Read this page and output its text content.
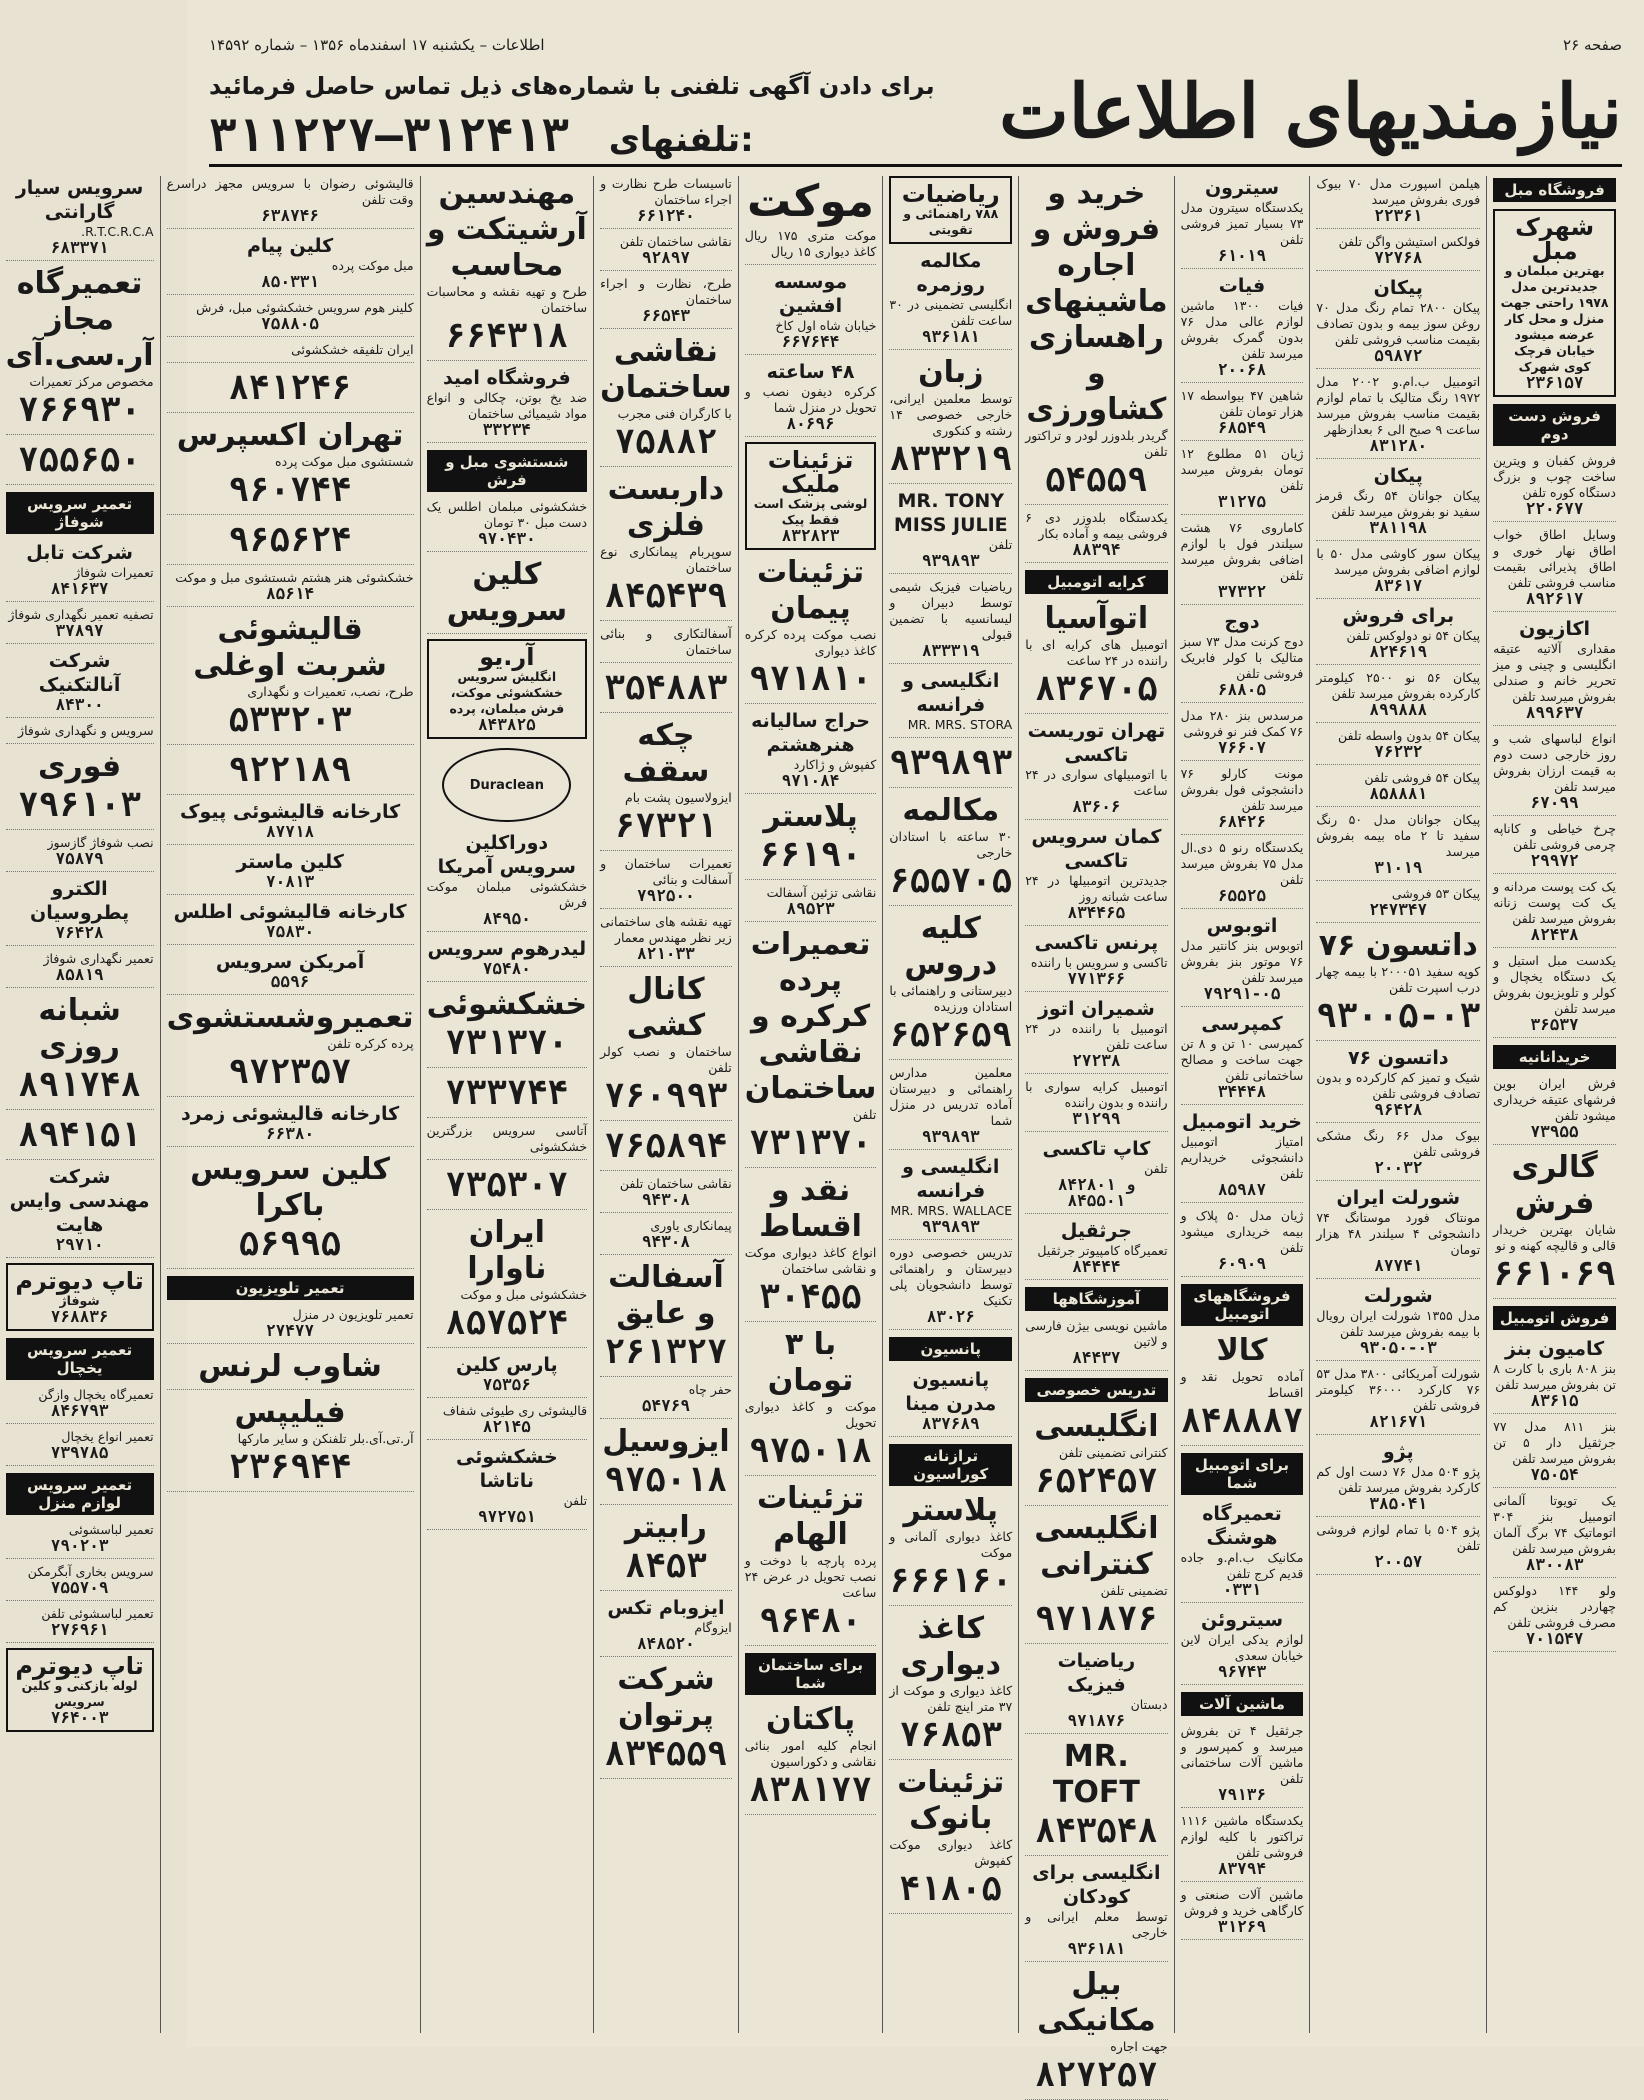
صفحه ۲۶
اطلاعات – یکشنبه ۱۷ اسفندماه ۱۳۵۶ – شماره ۱۴۵۹۲
نیازمندیهای اطلاعات
برای دادن آگهی تلفنی با شماره‌های ذیل تماس حاصل فرمائید
۳۱۱۲۲۷–۳۱۲۴۱۳ تلفنهای:
فروشگاه مبل
شهرک مبل
بهترین مبلمان و جدیدترین مدل ۱۹۷۸ راحتی جهت منزل و محل کار عرضه میشود خیابان قرچک کوی شهرک
۲۳۶۱۵۷
فروش دست دوم
فروش کفبان و ویترین ساخت چوب و بزرگ دستگاه کوره تلفن
۲۲۰۶۷۷
وسایل اطاق خواب اطاق نهار خوری و اطاق پذیرائی بقیمت مناسب فروشی تلفن
۸۹۲۶۱۷
اکازیون
مقداری آلاتیه عتیقه انگلیسی و چینی و میز تحریر خانم و صندلی بفروش میرسد تلفن
۸۹۹۶۳۷
انواع لباسهای شب و روز خارجی دست دوم به قیمت ارزان بفروش میرسد تلفن
۶۷۰۹۹
چرخ خیاطی و کاناپه چرمی فروشی تلفن
۲۹۹۷۲
یک کت پوست مردانه و یک کت پوست زنانه بفروش میرسد تلفن
۸۲۴۳۸
یکدست مبل استیل و یک دستگاه یخچال و کولر و تلویزیون بفروش میرسد تلفن
۳۶۵۳۷
خریدانانیه
فرش ایران بوین فرشهای عتیقه خریداری میشود تلفن
۷۳۹۵۵
گالری فرش
شایان بهترین خریدار قالی و قالیچه کهنه و نو
۶۶۱۰۶۹
فروش اتومبیل
کامیون بنز
بنز ۸۰۸ باری با کارت ۸ تن بفروش میرسد تلفن
۸۳۶۱۵
بنز ۸۱۱ مدل ۷۷ جرثقیل دار ۵ تن بفروش میرسد تلفن
۷۵۰۵۴
یک تویوتا آلمانی اتومبیل بنز ۳۰۴ اتوماتیک ۷۴ برگ آلمان بفروش میرسد تلفن
۸۳۰۰۸۳
ولو ۱۴۴ دولوکس چهاردر بنزین کم مصرف فروشی تلفن
۷۰۱۵۴۷
هیلمن اسپورت مدل ۷۰ بیوک فوری بفروش میرسد
۲۲۳۶۱
فولکس استیشن واگن تلفن
۷۲۷۶۸
پیکان
پیکان ۲۸۰۰ تمام رنگ مدل ۷۰ روغن سوز بیمه و بدون تصادف بقیمت مناسب فروشی تلفن
۵۹۸۷۲
اتومبیل ب.ام.و ۲۰۰۲ مدل ۱۹۷۲ رنگ متالیک با تمام لوازم بقیمت مناسب بفروش میرسد ساعت ۹ صبح الی ۶ بعدازظهر
۸۳۱۲۸۰
پیکان
پیکان جوانان ۵۴ رنگ قرمز سفید نو بفروش میرسد تلفن
۳۸۱۱۹۸
پیکان سور کاوشی مدل ۵۰ با لوازم اضافی بفروش میرسد
۸۳۶۱۷
برای فروش
پیکان ۵۴ نو دولوکس تلفن
۸۲۴۶۱۹
پیکان ۵۶ نو ۲۵۰۰ کیلومتر کارکرده بفروش میرسد تلفن
۸۹۹۸۸۸
پیکان ۵۴ بدون واسطه تلفن
۷۶۲۳۲
پیکان ۵۴ فروشی تلفن
۸۵۸۸۸۱
پیکان جوانان مدل ۵۰ رنگ سفید تا ۲ ماه بیمه بفروش میرسد
۳۱۰۱۹
پیکان ۵۳ فروشی
۲۴۷۳۴۷
داتسون ۷۶
کوپه سفید ۲۰۰۰۵۱ با بیمه چهار درب اسپرت تلفن
۹۳۰۰۵-۰۳
داتسون ۷۶
شیک و تمیز کم کارکرده و بدون تصادف فروشی تلفن
۹۶۴۲۸
بیوک مدل ۶۶ رنگ مشکی فروشی تلفن
۲۰۰۳۲
شورلت ایران
مونتاک فورد موستانگ ۷۴ دانشجوئی ۴ سیلندر ۴۸ هزار تومان
۸۷۷۴۱
شورلت
مدل ۱۳۵۵ شورلت ایران رویال با بیمه بفروش میرسد تلفن
۹۳۰۵۰-۰۳
شورلت آمریکائی ۳۸۰۰ مدل ۵۳ ۷۶ کارکرد ۳۶۰۰۰ کیلومتر فروشی تلفن
۸۲۱۶۷۱
پژو
پژو ۵۰۴ مدل ۷۶ دست اول کم کارکرد بفروش میرسد تلفن
۳۸۵۰۴۱
پژو ۵۰۴ با تمام لوازم فروشی تلفن
۲۰۰۵۷
سیترون
یکدستگاه سیترون مدل ۷۳ بسیار تمیز فروشی تلفن
۶۱۰۱۹
فیات
فیات ۱۳۰۰ ماشین لوازم عالی مدل ۷۶ بدون گمرک بفروش میرسد تلفن
۲۰۰۶۸
شاهین ۴۷ بیواسطه ۱۷ هزار تومان تلفن
۶۸۵۴۹
ژیان ۵۱ مطلوع ۱۲ تومان بفروش میرسد تلفن
۳۱۲۷۵
کاماروی ۷۶ هشت سیلندر فول با لوازم اضافی بفروش میرسد تلفن
۳۷۳۲۲
دوج
دوج کرنت مدل ۷۳ سبز متالیک با کولر فابریک فروشی تلفن
۶۸۸۰۵
مرسدس بنز ۲۸۰ مدل ۷۶ کمک فنر نو فروشی
۷۶۶۰۷
مونت کارلو ۷۶ دانشجوئی فول بفروش میرسد تلفن
۶۸۴۲۶
یکدستگاه رنو ۵ دی.ال مدل ۷۵ بفروش میرسد تلفن
۶۵۵۲۵
اتوبوس
اتوبوس بنز کانتیر مدل ۷۶ موتور بنز بفروش میرسد تلفن
۷۹۲۹۱-۰۵
کمپرسی
کمپرسی ۱۰ تن و ۸ تن جهت ساخت و مصالح ساختمانی تلفن
۳۴۴۴۸
خرید اتومبیل
امتیاز اتومبیل دانشجوئی خریداریم تلفن
۸۵۹۸۷
ژیان مدل ۵۰ پلاک و بیمه خریداری میشود تلفن
۶۰۹۰۹
فروشگاههای اتومبیل
کالا
آماده تحویل نقد و اقساط
۸۴۸۸۸۷
برای اتومبیل شما
تعمیرگاه هوشنگ
مکانیک ب.ام.و جاده قدیم کرج تلفن
۰۳۳۱
سیتروئن
لوازم یدکی ایران لاین خیابان سعدی
۹۶۷۴۳
ماشین آلات
جرثقیل ۴ تن بفروش میرسد و کمپرسور و ماشین آلات ساختمانی تلفن
۷۹۱۳۶
یکدستگاه ماشین ۱۱۱۶ تراکتور با کلیه لوازم فروشی تلفن
۸۳۷۹۴
ماشین آلات صنعتی و کارگاهی خرید و فروش
۳۱۲۶۹
خرید و فروش و اجاره ماشینهای راهسازی و کشاورزی
گریدر بلدوزر لودر و تراکتور تلفن
۵۴۵۵۹
یکدستگاه بلدوزر دی ۶ فروشی بیمه و آماده بکار
۸۸۳۹۴
کرایه اتومبیل
اتوآسیا
اتومبیل های کرایه ای با راننده در ۲۴ ساعت
۸۳۶۷۰۵
تهران توریست تاکسی
با اتومبیلهای سواری در ۲۴ ساعت
۸۳۶۰۶
کمان سرویس تاکسی
جدیدترین اتومبیلها در ۲۴ ساعت شبانه روز
۸۳۴۴۶۵
پرنس تاکسی
تاکسی و سرویس با راننده
۷۷۱۳۶۶
شمیران اتوز
اتومبیل با راننده در ۲۴ ساعت تلفن
۲۷۲۳۸
اتومبیل کرایه سواری با راننده و بدون راننده
۳۱۲۹۹
کاپ تاکسی
تلفن
۸۴۲۸۰۱ و ۸۴۵۵۰۱
جرثقیل
تعمیرگاه کامپیوتر جرثقیل
۸۴۴۴۴
آموزشگاهها
ماشین نویسی بیژن فارسی و لاتین
۸۴۴۳۷
تدریس خصوصی
انگلیسی
کنترانی تضمینی تلفن
۶۵۲۴۵۷
انگلیسی کنترانی
تضمینی تلفن
۹۷۱۸۷۶
ریاضیات فیزیک
دبستان
۹۷۱۸۷۶
MR. TOFT
۸۴۳۵۴۸
انگلیسی برای کودکان
توسط معلم ایرانی و خارجی
۹۳۶۱۸۱
بیل مکانیکی
جهت اجاره
۸۲۷۲۵۷
ریاضیات
۷۸۸ راهنمائی و تقویتی
مکالمه روزمره
انگلیسی تضمینی در ۳۰ ساعت تلفن
۹۳۶۱۸۱
زبان
توسط معلمین ایرانی، خارجی خصوصی ۱۴ رشته و کنکوری
۸۳۳۲۱۹
MR. TONY MISS JULIE
تلفن
۹۳۹۸۹۳
ریاضیات فیزیک شیمی توسط دبیران و لیسانسیه با تضمین قبولی
۸۳۳۳۱۹
انگلیسی و فرانسه
MR. MRS. STORA
۹۳۹۸۹۳
مکالمه
۳۰ ساعته با استادان خارجی
۶۵۵۷۰۵
کلیه دروس
دبیرستانی و راهنمائی با استادان ورزیده
۶۵۲۶۵۹
معلمین مدارس راهنمائی و دبیرستان آماده تدریس در منزل شما
۹۳۹۸۹۳
انگلیسی و فرانسه
MR. MRS. WALLACE
۹۳۹۸۹۳
تدریس خصوصی دوره دبیرستان و راهنمائی توسط دانشجویان پلی تکنیک
۸۳۰۲۶
پانسیون
پانسیون مدرن مینا
۸۳۷۶۸۹
ترازنانه کوراسیون
پلاستر
کاغذ دیواری آلمانی و موکت
۶۶۶۱۶۰
کاغذ دیواری
کاغذ دیواری و موکت از ۳۷ متر اینچ تلفن
۷۶۸۵۳
تزئینات بانوک
کاغذ دیواری موکت کفپوش
۴۱۸۰۵
موکت
موکت متری ۱۷۵ ریال کاغذ دیواری ۱۵ ریال
موسسه افشین
خیابان شاه اول کاخ
۶۶۷۶۴۴
۴۸ ساعته
کرکره دیفون نصب و تحویل در منزل شما
۸۰۶۹۶
تزئینات ملیک
لوشی پزشک است فقط پیک
۸۳۲۸۲۳
تزئینات پیمان
نصب موکت پرده کرکره کاغذ دیواری
۹۷۱۸۱۰
حراج سالیانه هنرهشتم
کفپوش و ژاکارد
۹۷۱۰۸۴
پلاستر
۶۶۱۹۰
نقاشی تزئین آسفالت
۸۹۵۲۳
تعمیرات پرده کرکره و نقاشی ساختمان
تلفن
۷۳۱۳۷۰
نقد و اقساط
انواع کاغذ دیواری موکت و نقاشی ساختمان
۳۰۴۵۵
با ۳ تومان
موکت و کاغذ دیواری تحویل
۹۷۵۰۱۸
تزئینات الهام
پرده پارچه با دوخت و نصب تحویل در عرض ۲۴ ساعت
۹۶۴۸۰
برای ساختمان شما
پاکتان
انجام کلیه امور بنائی نقاشی و دکوراسیون
۸۳۸۱۷۷
تاسیسات طرح نظارت و اجراء ساختمان
۶۶۱۲۴۰
نقاشی ساختمان تلفن
۹۲۸۹۷
طرح، نظارت و اجراء ساختمان
۶۶۵۴۳
نقاشی ساختمان
با کارگران فنی مجرب
۷۵۸۸۲
داربست فلزی
سوپربام پیمانکاری نوع ساختمان
۸۴۵۴۳۹
آسفالتکاری و بنائی ساختمان
۳۵۴۸۸۳
چکه سقف
ایزولاسیون پشت بام
۶۷۳۲۱
تعمیرات ساختمان و آسفالت و بنائی
۷۹۲۵۰۰
تهیه نقشه های ساختمانی زیر نظر مهندس معمار
۸۲۱۰۳۳
کانال کشی
ساختمان و نصب کولر تلفن
۷۶۰۹۹۳
۷۶۵۸۹۴
نقاشی ساختمان تلفن
۹۴۳۰۸
پیمانکاری یاوری
۹۴۳۰۸
آسفالت و عایق
۲۶۱۳۲۷
حفر چاه
۵۴۷۶۹
ایزوسیل
۹۷۵۰۱۸
رابیتر
۸۴۵۳
ایزوبام تکس
ایزوگام
۸۴۸۵۲۰
شرکت پرتوان
۸۳۴۵۵۹
مهندسین آرشیتکت و محاسب
طرح و تهیه نقشه و محاسبات ساختمان
۶۶۴۳۱۸
فروشگاه امید
ضد یخ بوتن، چکالی و انواع مواد شیمیائی ساختمان
۳۳۲۳۴
شستشوی مبل و فرش
خشکشوئی مبلمان اطلس یک دست مبل ۳۰ تومان
۹۷۰۴۳۰
کلین سرویس
آر.یو
انگلیش سرویس خشکشوئی موکت، فرش مبلمان، پرده
۸۴۳۸۲۵
Duraclean
دوراکلین سرویس آمریکا
خشکشوئی مبلمان موکت فرش
۸۴۹۵۰
لیدرهوم سرویس
۷۵۴۸۰
خشکشوئی
۷۳۱۳۷۰
۷۳۳۷۴۴
آتاسی سرویس بزرگترین خشکشوئی
۷۳۵۳۰۷
ایران ناوارا
خشکشوئی مبل و موکت
۸۵۷۵۲۴
پارس کلین
۷۵۳۵۶
قالیشوئی ری طیوئی شفاف
۸۲۱۴۵
خشکشوئی ناتاشا
تلفن
۹۷۲۷۵۱
قالیشوئی رضوان با سرویس مجهز دراسرع وقت تلفن
۶۳۸۷۴۶
کلین پیام
مبل موکت پرده
۸۵۰۳۳۱
کلینر هوم سرویس خشکشوئی مبل، فرش
۷۵۸۸۰۵
ایران تلفیقه خشکشوئی
۸۴۱۲۴۶
تهران اکسپرس
شستشوی مبل موکت پرده
۹۶۰۷۴۴
۹۶۵۶۲۴
خشکشوئی هنر هشتم شستشوی مبل و موکت
۸۵۶۱۴
قالیشوئی شربت اوغلی
طرح، نصب، تعمیرات و نگهداری
۵۳۳۲۰۳
۹۲۲۱۸۹
کارخانه قالیشوئی پیوک
۸۷۷۱۸
کلین ماستر
۷۰۸۱۳
کارخانه قالیشوئی اطلس
۷۵۸۳۰
آمریکن سرویس
۵۵۹۶
تعمیروشستشوی
پرده کرکره تلفن
۹۷۲۳۵۷
کارخانه قالیشوئی زمرد
۶۶۳۸۰
کلین سرویس باکرا
۵۶۹۹۵
تعمیر تلویزیون
تعمیر تلویزیون در منزل
۲۷۴۷۷
شاوب لرنس
فیلیپس
آر.تی.آی.بلر تلفنکن و سایر مارکها
۲۳۶۹۴۴
سرویس سیار گارانتی
R.T.C.R.C.A.
۶۸۳۳۷۱
تعمیرگاه مجاز آر.سی.آی
مخصوص مرکز تعمیرات
۷۶۶۹۳۰
۷۵۵۶۵۰
تعمیر سرویس شوفاژ
شرکت تابل
تعمیرات شوفاژ
۸۴۱۶۳۷
تصفیه تعمیر نگهداری شوفاژ
۳۷۸۹۷
شرکت آنالتکنیک
۸۴۳۰۰
سرویس و نگهداری شوفاژ
فوری
۷۹۶۱۰۳
نصب شوفاژ گازسوز
۷۵۸۷۹
الکترو پطروسیان
۷۶۴۲۸
تعمیر نگهداری شوفاژ
۸۵۸۱۹
شبانه روزی
۸۹۱۷۴۸
۸۹۴۱۵۱
شرکت مهندسی وایس هایت
۲۹۷۱۰
تاپ دیوترم
شوفاژ
۷۶۸۸۳۶
تعمیر سرویس یخچال
تعمیرگاه یخچال وازگن
۸۴۶۷۹۳
تعمیر انواع یخچال
۷۳۹۷۸۵
تعمیر سرویس لوازم منزل
تعمیر لباسشوئی
۷۹۰۲۰۳
سرویس بخاری آبگرمکن
۷۵۵۷۰۹
تعمیر لباسشوئی تلفن
۲۷۶۹۶۱
تاپ دیوترم
لوله بازکنی و کلین سرویس
۷۶۴۰۰۳
